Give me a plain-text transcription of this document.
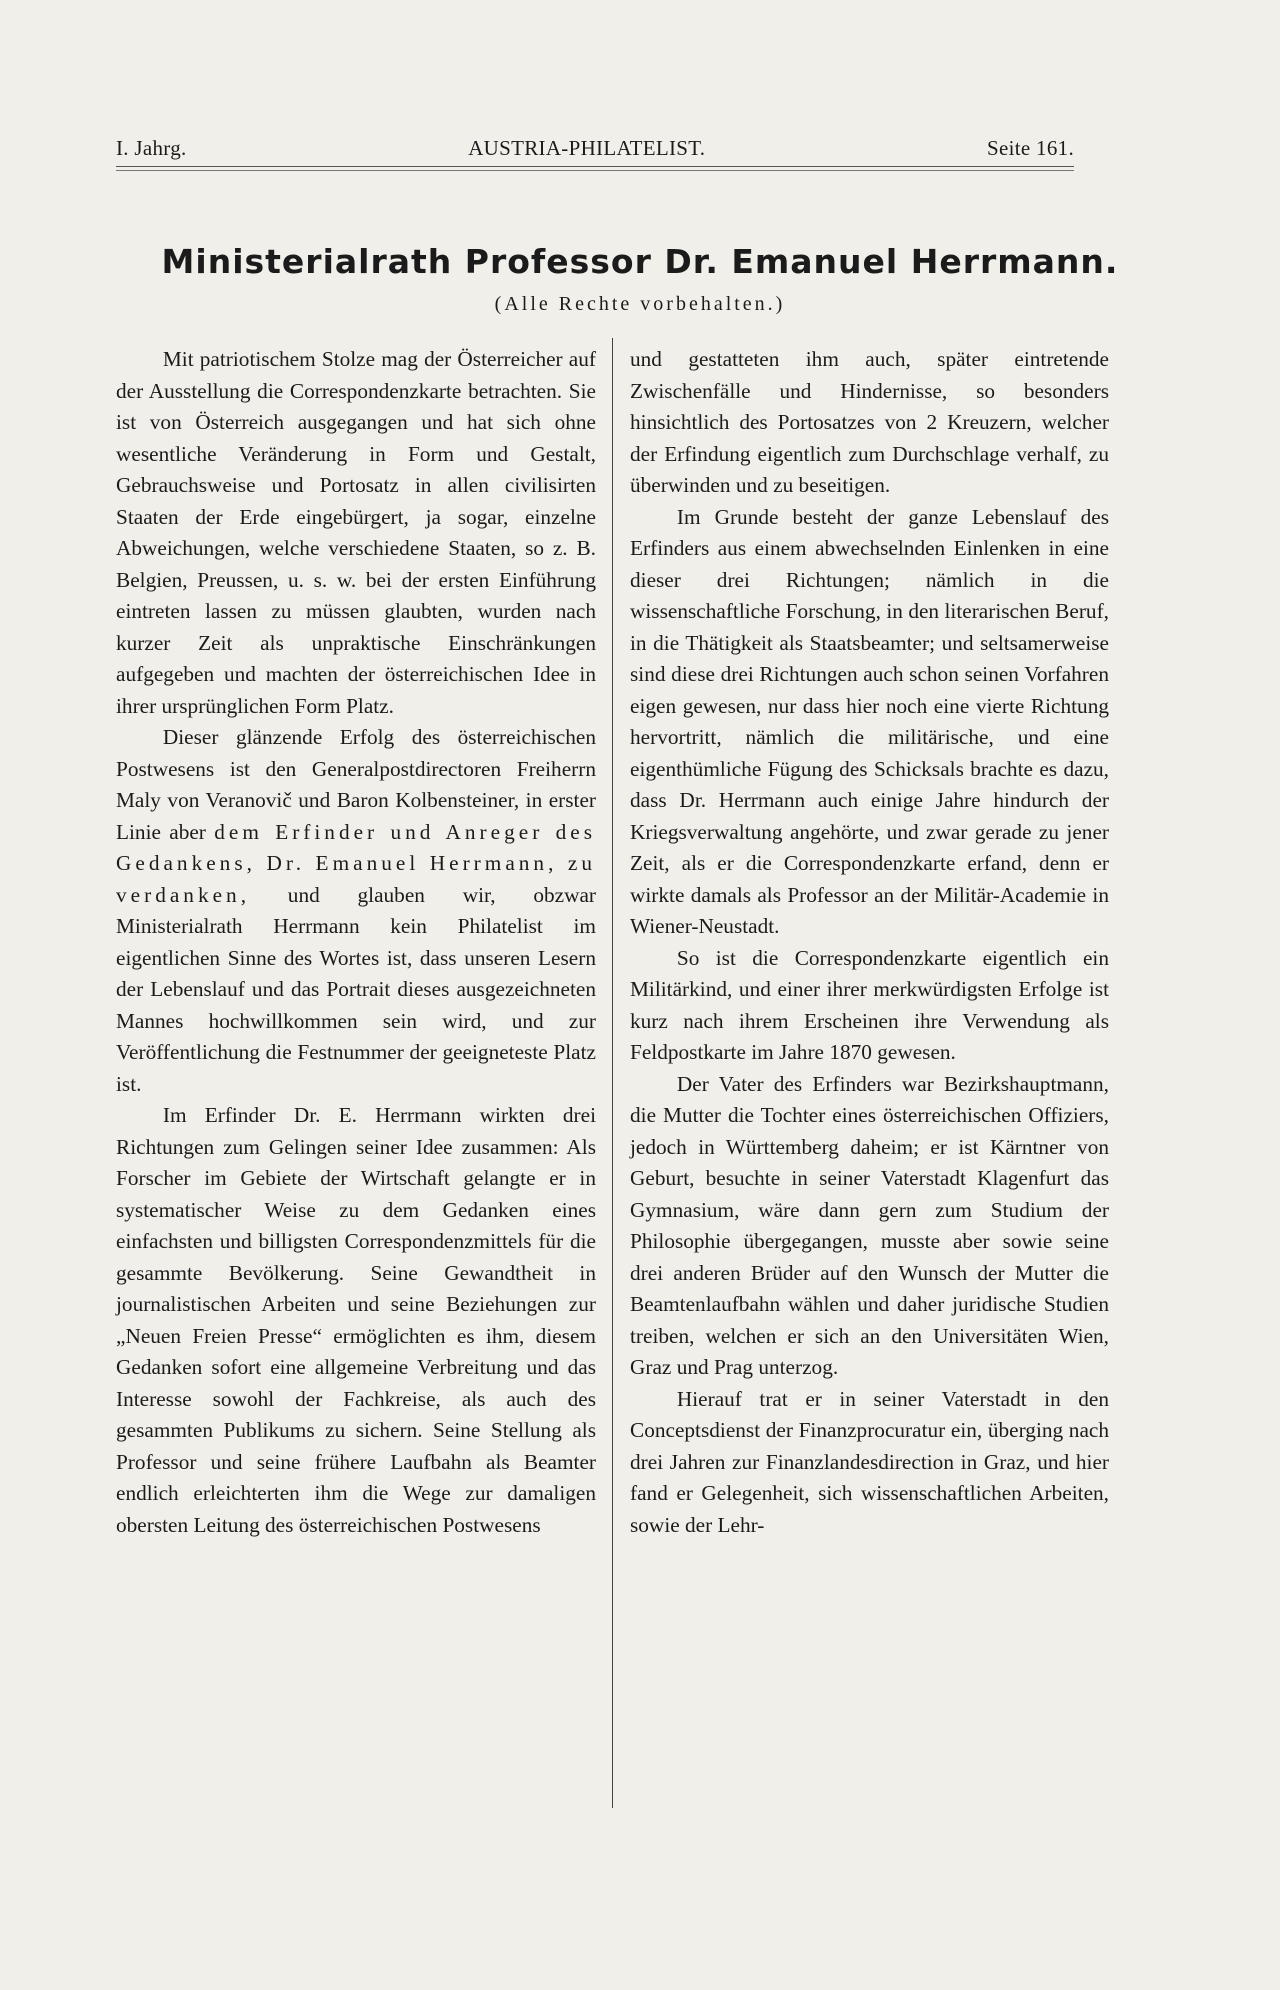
I. Jahrg.	AUSTRIA-PHILATELIST.	Seite 161.
Ministerialrath Professor Dr. Emanuel Herrmann.
(Alle Rechte vorbehalten.)

Mit patriotischem Stolze mag der Österreicher auf der Ausstellung die Correspondenzkarte betrachten. Sie ist von Österreich ausgegangen und hat sich ohne wesentliche Veränderung in Form und Gestalt, Gebrauchsweise und Portosatz in allen civilisirten Staaten der Erde eingebürgert, ja sogar, einzelne Abweichungen, welche verschiedene Staaten, so z. B. Belgien, Preussen, u. s. w. bei der ersten Einführung eintreten lassen zu müssen glaubten, wurden nach kurzer Zeit als unpraktische Einschränkungen aufgegeben und machten der österreichischen Idee in ihrer ursprünglichen Form Platz.

Dieser glänzende Erfolg des österreichischen Postwesens ist den Generalpostdirectoren Freiherrn Maly von Veranovič und Baron Kolbensteiner, in erster Linie aber dem Erfinder und Anreger des Gedankens, Dr. Emanuel Herrmann, zu verdanken, und glauben wir, obzwar Ministerialrath Herrmann kein Philatelist im eigentlichen Sinne des Wortes ist, dass unseren Lesern der Lebenslauf und das Portrait dieses ausgezeichneten Mannes hochwillkommen sein wird, und zur Veröffentlichung die Festnummer der geeigneteste Platz ist.

Im Erfinder Dr. E. Herrmann wirkten drei Richtungen zum Gelingen seiner Idee zusammen: Als Forscher im Gebiete der Wirtschaft gelangte er in systematischer Weise zu dem Gedanken eines einfachsten und billigsten Correspondenzmittels für die gesammte Bevölkerung. Seine Gewandtheit in journalistischen Arbeiten und seine Beziehungen zur „Neuen Freien Presse“ ermöglichten es ihm, diesem Gedanken sofort eine allgemeine Verbreitung und das Interesse sowohl der Fachkreise, als auch des gesammten Publikums zu sichern. Seine Stellung als Professor und seine frühere Laufbahn als Beamter endlich erleichterten ihm die Wege zur damaligen obersten Leitung des österreichischen Postwesens

und gestatteten ihm auch, später eintretende Zwischenfälle und Hindernisse, so besonders hinsichtlich des Portosatzes von 2 Kreuzern, welcher der Erfindung eigentlich zum Durchschlage verhalf, zu überwinden und zu beseitigen.

Im Grunde besteht der ganze Lebenslauf des Erfinders aus einem abwechselnden Einlenken in eine dieser drei Richtungen; nämlich in die wissenschaftliche Forschung, in den literarischen Beruf, in die Thätigkeit als Staatsbeamter; und seltsamerweise sind diese drei Richtungen auch schon seinen Vorfahren eigen gewesen, nur dass hier noch eine vierte Richtung hervortritt, nämlich die militärische, und eine eigenthümliche Fügung des Schicksals brachte es dazu, dass Dr. Herrmann auch einige Jahre hindurch der Kriegsverwaltung angehörte, und zwar gerade zu jener Zeit, als er die Correspondenzkarte erfand, denn er wirkte damals als Professor an der Militär-Academie in Wiener-Neustadt.

So ist die Correspondenzkarte eigentlich ein Militärkind, und einer ihrer merkwürdigsten Erfolge ist kurz nach ihrem Erscheinen ihre Verwendung als Feldpostkarte im Jahre 1870 gewesen.

Der Vater des Erfinders war Bezirkshauptmann, die Mutter die Tochter eines österreichischen Offiziers, jedoch in Württemberg daheim; er ist Kärntner von Geburt, besuchte in seiner Vaterstadt Klagenfurt das Gymnasium, wäre dann gern zum Studium der Philosophie übergegangen, musste aber sowie seine drei anderen Brüder auf den Wunsch der Mutter die Beamtenlaufbahn wählen und daher juridische Studien treiben, welchen er sich an den Universitäten Wien, Graz und Prag unterzog.

Hierauf trat er in seiner Vaterstadt in den Conceptsdienst der Finanzprocuratur ein, überging nach drei Jahren zur Finanzlandesdirection in Graz, und hier fand er Gelegenheit, sich wissenschaftlichen Arbeiten, sowie der Lehr-
